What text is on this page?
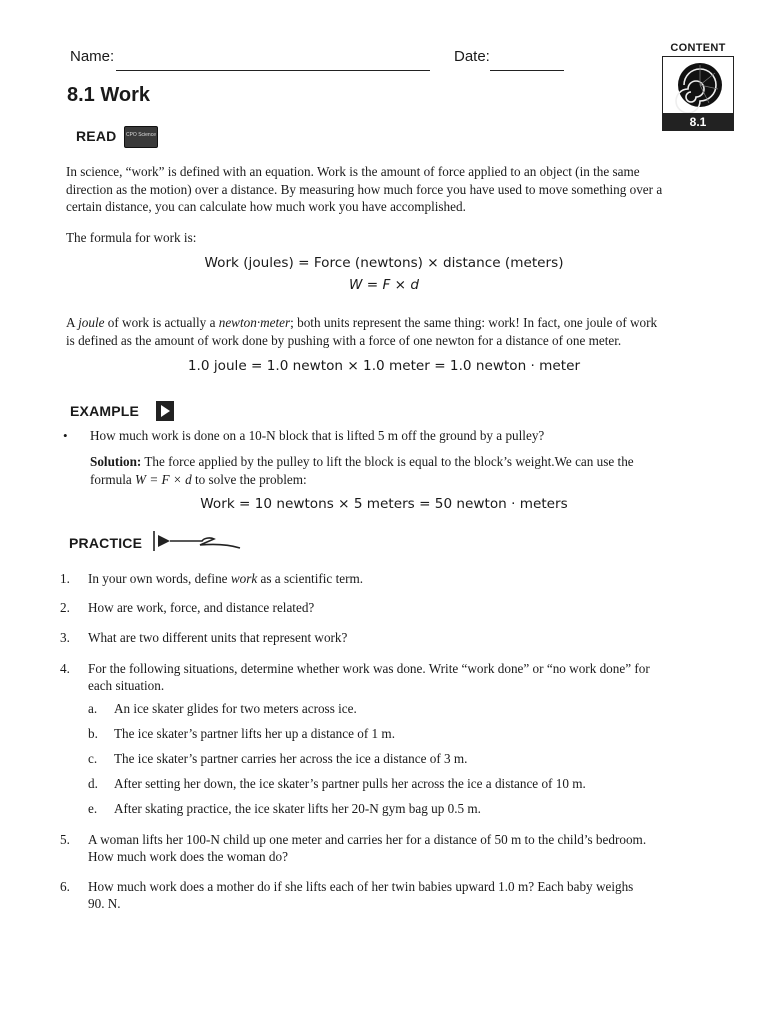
Name:	Date:	CONTENT
8.1
8.1 Work
READ CPO Science
In science, “work” is defined with an equation. Work is the amount of force applied to an object (in the same
direction as the motion) over a distance. By measuring how much force you have used to move something over a
certain distance, you can calculate how much work you have accomplished.
The formula for work is:
Work (joules) = Force (newtons) × distance (meters)
W = F × d
A joule of work is actually a newton·meter; both units represent the same thing: work! In fact, one joule of work
is defined as the amount of work done by pushing with a force of one newton for a distance of one meter.
1.0 joule = 1.0 newton × 1.0 meter = 1.0 newton · meter
EXAMPLE
• How much work is done on a 10-N block that is lifted 5 m off the ground by a pulley?
Solution: The force applied by the pulley to lift the block is equal to the block’s weight.We can use the
formula W = F × d to solve the problem:
Work = 10 newtons × 5 meters = 50 newton · meters
PRACTICE
1. In your own words, define work as a scientific term.
2. How are work, force, and distance related?
3. What are two different units that represent work?
4. For the following situations, determine whether work was done. Write “work done” or “no work done” for
each situation.
a. An ice skater glides for two meters across ice.
b. The ice skater’s partner lifts her up a distance of 1 m.
c. The ice skater’s partner carries her across the ice a distance of 3 m.
d. After setting her down, the ice skater’s partner pulls her across the ice a distance of 10 m.
e. After skating practice, the ice skater lifts her 20-N gym bag up 0.5 m.
5. A woman lifts her 100-N child up one meter and carries her for a distance of 50 m to the child’s bedroom.
How much work does the woman do?
6. How much work does a mother do if she lifts each of her twin babies upward 1.0 m? Each baby weighs
90. N.
